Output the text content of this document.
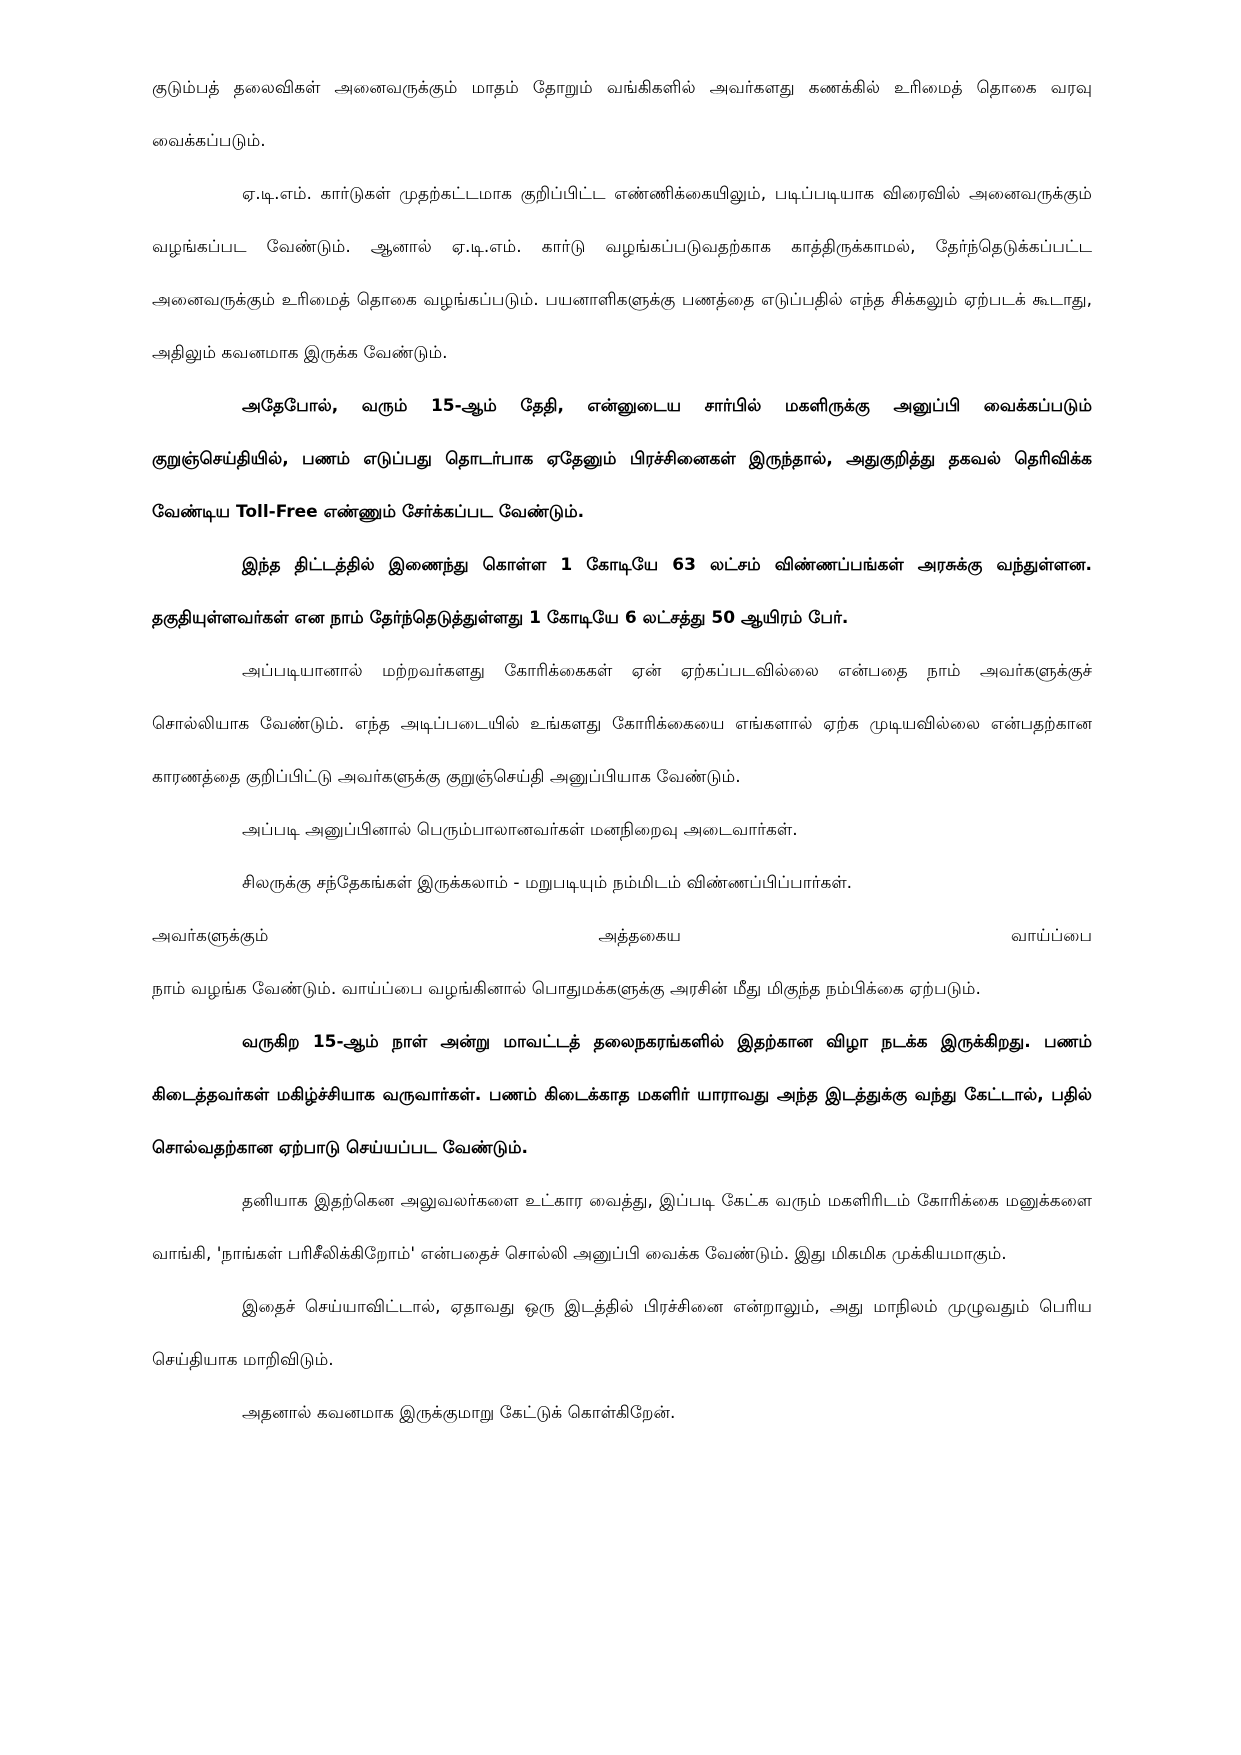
குடும்பத் தலைவிகள் அனைவருக்கும் மாதம் தோறும் வங்கிகளில் அவர்களது கணக்கில் உரிமைத் தொகை வரவு வைக்கப்படும்.

ஏ.டி.எம். கார்டுகள் முதற்கட்டமாக குறிப்பிட்ட எண்ணிக்கையிலும், படிப்படியாக விரைவில் அனைவருக்கும் வழங்கப்பட வேண்டும். ஆனால் ஏ.டி.எம். கார்டு வழங்கப்படுவதற்காக காத்திருக்காமல், தேர்ந்தெடுக்கப்பட்ட அனைவருக்கும் உரிமைத் தொகை வழங்கப்படும். பயனாளிகளுக்கு பணத்தை எடுப்பதில் எந்த சிக்கலும் ஏற்படக் கூடாது, அதிலும் கவனமாக இருக்க வேண்டும்.

அதேபோல், வரும் 15-ஆம் தேதி, என்னுடைய சார்பில் மகளிருக்கு அனுப்பி வைக்கப்படும் குறுஞ்செய்தியில், பணம் எடுப்பது தொடர்பாக ஏதேனும் பிரச்சினைகள் இருந்தால், அதுகுறித்து தகவல் தெரிவிக்க வேண்டிய Toll-Free எண்ணும் சேர்க்கப்பட வேண்டும்.

இந்த திட்டத்தில் இணைந்து கொள்ள 1 கோடியே 63 லட்சம் விண்ணப்பங்கள் அரசுக்கு வந்துள்ளன. தகுதியுள்ளவர்கள் என நாம் தேர்ந்தெடுத்துள்ளது 1 கோடியே 6 லட்சத்து 50 ஆயிரம் பேர்.

அப்படியானால் மற்றவர்களது கோரிக்கைகள் ஏன் ஏற்கப்படவில்லை என்பதை நாம் அவர்களுக்குச் சொல்லியாக வேண்டும். எந்த அடிப்படையில் உங்களது கோரிக்கையை எங்களால் ஏற்க முடியவில்லை என்பதற்கான காரணத்தை குறிப்பிட்டு அவர்களுக்கு குறுஞ்செய்தி அனுப்பியாக வேண்டும்.

அப்படி அனுப்பினால் பெரும்பாலானவர்கள் மனநிறைவு அடைவார்கள்.

சிலருக்கு சந்தேகங்கள் இருக்கலாம் - மறுபடியும் நம்மிடம் விண்ணப்பிப்பார்கள்.

அவர்களுக்கும்	அத்தகைய	வாய்ப்பை

நாம் வழங்க வேண்டும். வாய்ப்பை வழங்கினால் பொதுமக்களுக்கு அரசின் மீது மிகுந்த நம்பிக்கை ஏற்படும்.

வருகிற 15-ஆம் நாள் அன்று மாவட்டத் தலைநகரங்களில் இதற்கான விழா நடக்க இருக்கிறது. பணம் கிடைத்தவர்கள் மகிழ்ச்சியாக வருவார்கள். பணம் கிடைக்காத மகளிர் யாராவது அந்த இடத்துக்கு வந்து கேட்டால், பதில் சொல்வதற்கான ஏற்பாடு செய்யப்பட வேண்டும்.

தனியாக இதற்கென அலுவலர்களை உட்கார வைத்து, இப்படி கேட்க வரும் மகளிரிடம் கோரிக்கை மனுக்களை வாங்கி, 'நாங்கள் பரிசீலிக்கிறோம்' என்பதைச் சொல்லி அனுப்பி வைக்க வேண்டும். இது மிகமிக முக்கியமாகும்.

இதைச் செய்யாவிட்டால், ஏதாவது ஒரு இடத்தில் பிரச்சினை என்றாலும், அது மாநிலம் முழுவதும் பெரிய செய்தியாக மாறிவிடும்.

அதனால் கவனமாக இருக்குமாறு கேட்டுக் கொள்கிறேன்.
